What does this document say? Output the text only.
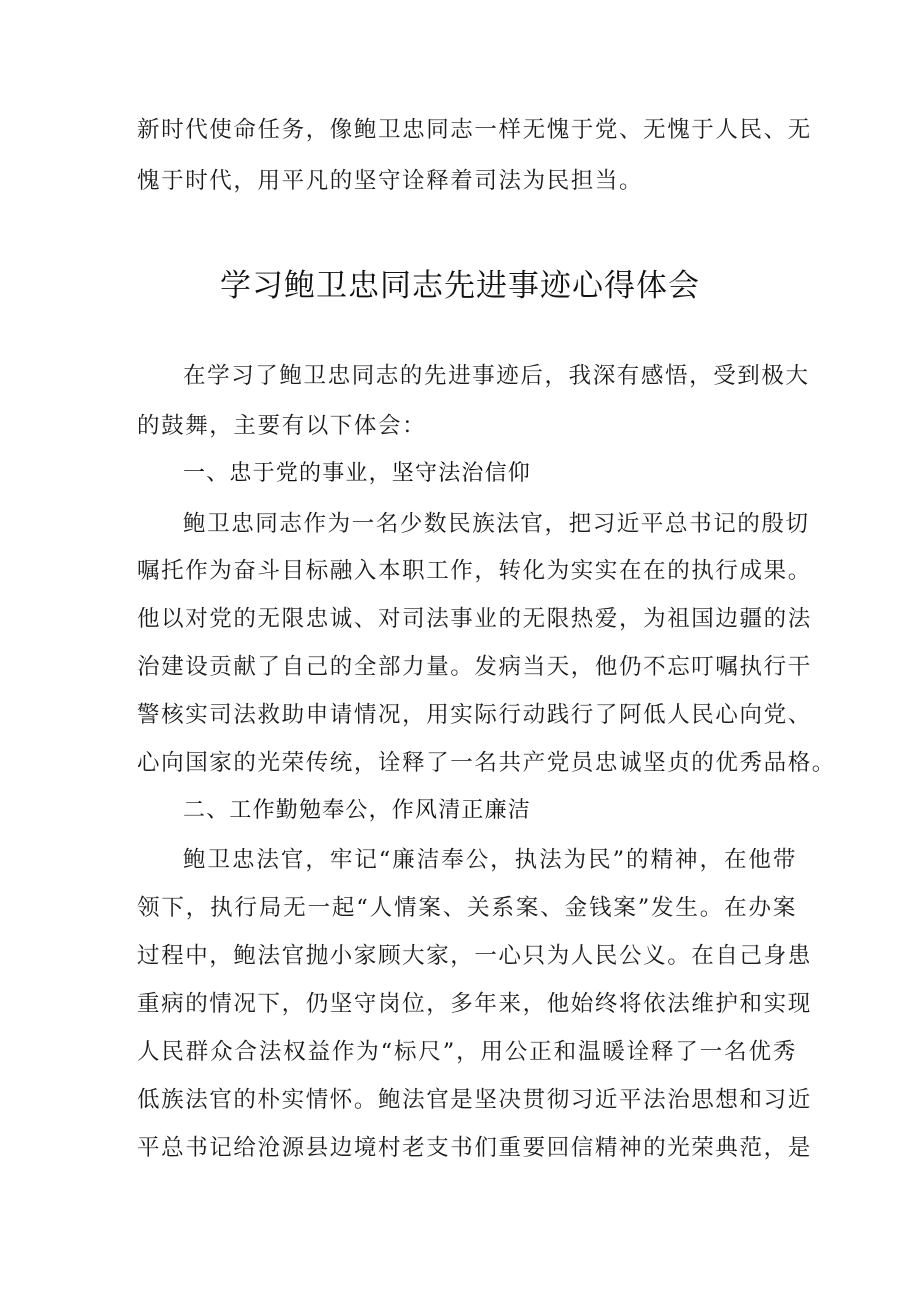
新时代使命任务，像鲍卫忠同志一样无愧于党、无愧于人民、无
愧于时代，用平凡的坚守诠释着司法为民担当。
学习鲍卫忠同志先进事迹心得体会
在学习了鲍卫忠同志的先进事迹后，我深有感悟，受到极大
的鼓舞，主要有以下体会：
一、忠于党的事业，坚守法治信仰
鲍卫忠同志作为一名少数民族法官，把习近平总书记的殷切
嘱托作为奋斗目标融入本职工作，转化为实实在在的执行成果。
他以对党的无限忠诚、对司法事业的无限热爱，为祖国边疆的法
治建设贡献了自己的全部力量。发病当天，他仍不忘叮嘱执行干
警核实司法救助申请情况，用实际行动践行了阿低人民心向党、
心向国家的光荣传统，诠释了一名共产党员忠诚坚贞的优秀品格。
二、工作勤勉奉公，作风清正廉洁
鲍卫忠法官，牢记“廉洁奉公，执法为民”的精神，在他带
领下，执行局无一起“人情案、关系案、金钱案”发生。在办案
过程中，鲍法官抛小家顾大家，一心只为人民公义。在自己身患
重病的情况下，仍坚守岗位，多年来，他始终将依法维护和实现
人民群众合法权益作为“标尺”，用公正和温暖诠释了一名优秀
低族法官的朴实情怀。鲍法官是坚决贯彻习近平法治思想和习近
平总书记给沧源县边境村老支书们重要回信精神的光荣典范，是
